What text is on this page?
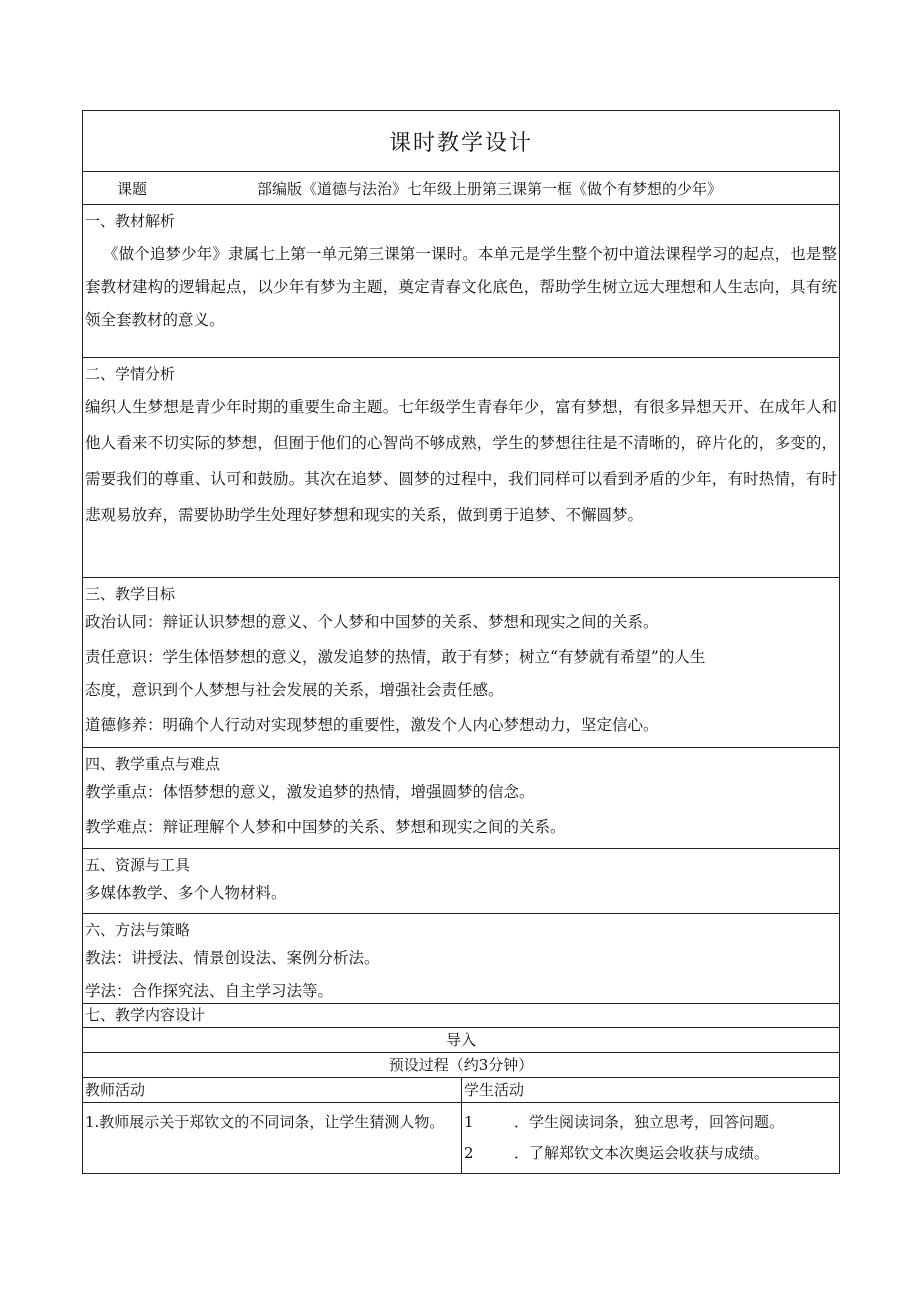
课时教学设计
课题	部编版《道德与法治》七年级上册第三课第一框《做个有梦想的少年》
一、教材解析
《做个追梦少年》隶属七上第一单元第三课第一课时。本单元是学生整个初中道法课程学习的起点，也是整套教材建构的逻辑起点，以少年有梦为主题，奠定青春文化底色，帮助学生树立远大理想和人生志向，具有统领全套教材的意义。
二、学情分析
编织人生梦想是青少年时期的重要生命主题。七年级学生青春年少，富有梦想，有很多异想天开、在成年人和他人看来不切实际的梦想，但囿于他们的心智尚不够成熟，学生的梦想往往是不清晰的，碎片化的，多变的，需要我们的尊重、认可和鼓励。其次在追梦、圆梦的过程中，我们同样可以看到矛盾的少年，有时热情，有时悲观易放弃，需要协助学生处理好梦想和现实的关系，做到勇于追梦、不懈圆梦。
三、教学目标
政治认同：辩证认识梦想的意义、个人梦和中国梦的关系、梦想和现实之间的关系。
责任意识：学生体悟梦想的意义，激发追梦的热情，敢于有梦；树立“有梦就有希望”的人生
态度，意识到个人梦想与社会发展的关系，增强社会责任感。
道德修养：明确个人行动对实现梦想的重要性，激发个人内心梦想动力，坚定信心。
四、教学重点与难点
教学重点：体悟梦想的意义，激发追梦的热情，增强圆梦的信念。
教学难点：辩证理解个人梦和中国梦的关系、梦想和现实之间的关系。
五、资源与工具
多媒体教学、多个人物材料。
六、方法与策略
教法：讲授法、情景创设法、案例分析法。
学法：合作探究法、自主学习法等。
七、教学内容设计
导入
预设过程（约3分钟）
教师活动	学生活动
1.教师展示关于郑钦文的不同词条，让学生猜测人物。	1	．学生阅读词条，独立思考，回答问题。
2	．了解郑钦文本次奥运会收获与成绩。
